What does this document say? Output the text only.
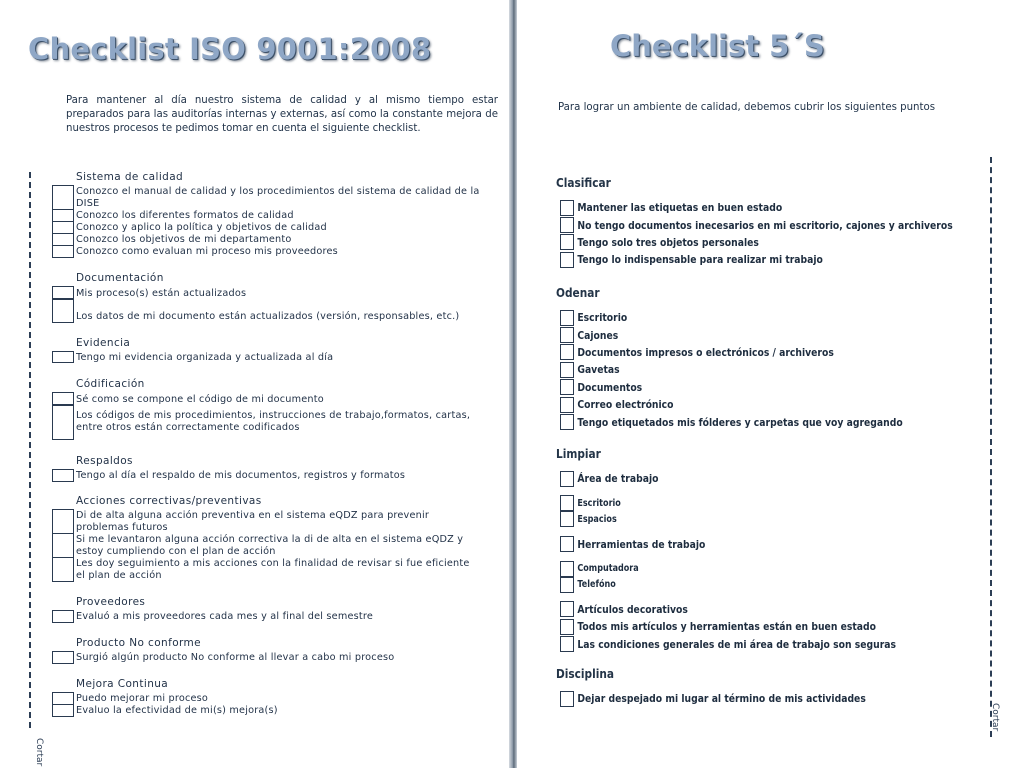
Checklist ISO 9001:2008

Para mantener al día nuestro sistema de calidad y al mismo tiempo estar preparados para las auditorías internas y externas, así como la constante mejora de nuestros procesos te pedimos tomar en cuenta el siguiente checklist.

Cortar
Sistema de calidad
Conozco el manual de calidad y los procedimientos del sistema de calidad de la DISE
Conozco los diferentes formatos de calidad
Conozco y aplico la política y objetivos de calidad
Conozco los objetivos de mi departamento
Conozco como evaluan mi proceso mis proveedores
Documentación
Mis proceso(s) están actualizados
Los datos de mi documento están actualizados (versión, responsables, etc.)
Evidencia
Tengo mi evidencia organizada y actualizada al día
Códificación
Sé como se compone el código de mi documento
Los códigos de mis procedimientos, instrucciones de trabajo,formatos, cartas, entre otros están correctamente codificados
Respaldos
Tengo al día el respaldo de mis documentos, registros y formatos
Acciones correctivas/preventivas
Di de alta alguna acción preventiva en el sistema eQDZ para prevenir problemas futuros
Si me levantaron alguna acción correctiva la di de alta en el sistema eQDZ y estoy cumpliendo con el plan de acción
Les doy seguimiento a mis acciones con la finalidad de revisar si fue eficiente el plan de acción
Proveedores
Evaluó a mis proveedores cada mes y al final del semestre
Producto No conforme
Surgió algún producto No conforme al llevar a cabo mi proceso
Mejora Continua
Puedo mejorar mi proceso
Evaluo la efectividad de mi(s) mejora(s)
Checklist 5´S

Para lograr un ambiente de calidad, debemos cubrir los siguientes puntos

Cortar
Clasificar
Mantener las etiquetas en buen estado
No tengo documentos inecesarios en mi escritorio, cajones y archiveros
Tengo solo tres objetos personales
Tengo lo indispensable para realizar mi trabajo
Odenar
Escritorio
Cajones
Documentos impresos o electrónicos / archiveros
Gavetas
Documentos
Correo electrónico
Tengo etiquetados mis fólderes y carpetas que voy agregando
Limpiar
Área de trabajo
Escritorio
Espacios
Herramientas de trabajo
Computadora
Telefóno
Artículos decorativos
Todos mis artículos y herramientas están en buen estado
Las condiciones generales de mi área de trabajo son seguras
Disciplina
Dejar despejado mi lugar al término de mis actividades
